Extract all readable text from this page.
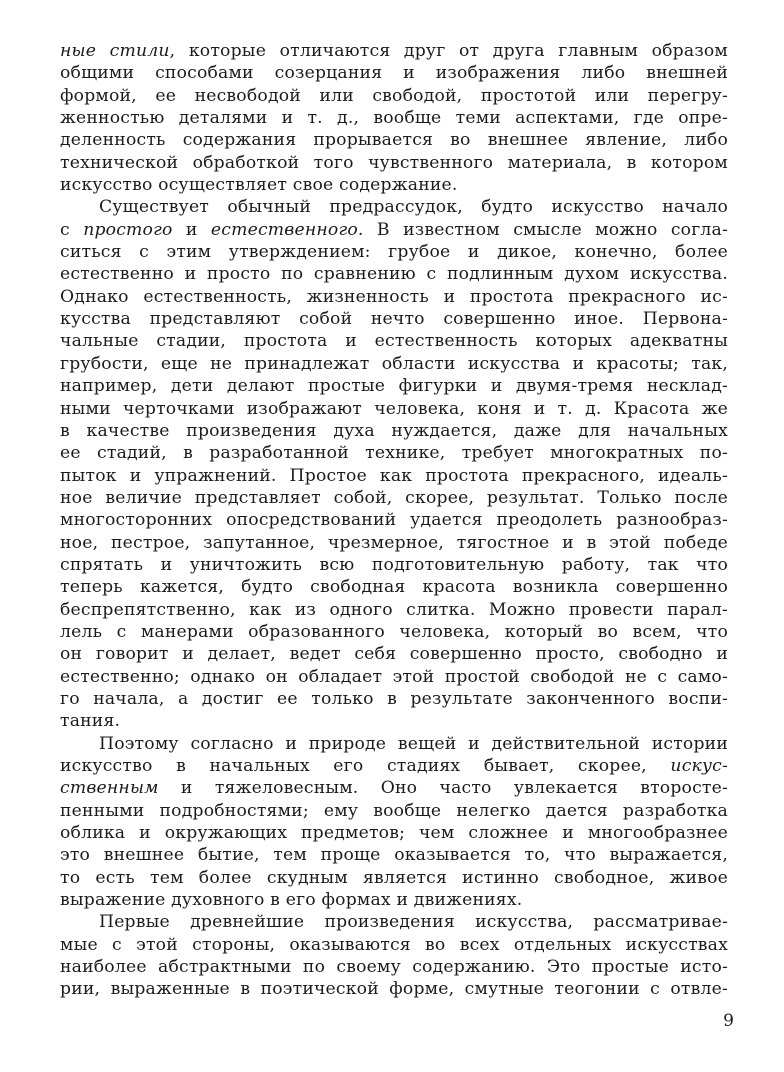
ные стили, которые отличаются друг от друга главным образом
общими способами созерцания и изображения либо внешней
формой, ее несвободой или свободой, простотой или перегру-
женностью деталями и т. д., вообще теми аспектами, где опре-
деленность содержания прорывается во внешнее явление, либо
технической обработкой того чувственного материала, в котором
искусство осуществляет свое содержание.
Существует обычный предрассудок, будто искусство начало
с простого и естественного. В известном смысле можно согла-
ситься с этим утверждением: грубое и дикое, конечно, более
естественно и просто по сравнению с подлинным духом искусства.
Однако естественность, жизненность и простота прекрасного ис-
кусства представляют собой нечто совершенно иное. Первона-
чальные стадии, простота и естественность которых адекватны
грубости, еще не принадлежат области искусства и красоты; так,
например, дети делают простые фигурки и двумя-тремя несклад-
ными черточками изображают человека, коня и т. д. Красота же
в качестве произведения духа нуждается, даже для начальных
ее стадий, в разработанной технике, требует многократных по-
пыток и упражнений. Простое как простота прекрасного, идеаль-
ное величие представляет собой, скорее, результат. Только после
многосторонних опосредствований удается преодолеть разнообраз-
ное, пестрое, запутанное, чрезмерное, тягостное и в этой победе
спрятать и уничтожить всю подготовительную работу, так что
теперь кажется, будто свободная красота возникла совершенно
беспрепятственно, как из одного слитка. Можно провести парал-
лель с манерами образованного человека, который во всем, что
он говорит и делает, ведет себя совершенно просто, свободно и
естественно; однако он обладает этой простой свободой не с само-
го начала, а достиг ее только в результате законченного воспи-
тания.
Поэтому согласно и природе вещей и действительной истории
искусство в начальных его стадиях бывает, скорее, искус-
ственным и тяжеловесным. Оно часто увлекается второсте-
пенными подробностями; ему вообще нелегко дается разработка
облика и окружающих предметов; чем сложнее и многообразнее
это внешнее бытие, тем проще оказывается то, что выражается,
то есть тем более скудным является истинно свободное, живое
выражение духовного в его формах и движениях.
Первые древнейшие произведения искусства, рассматривае-
мые с этой стороны, оказываются во всех отдельных искусствах
наиболее абстрактными по своему содержанию. Это простые исто-
рии, выраженные в поэтической форме, смутные теогонии с отвле-
9
